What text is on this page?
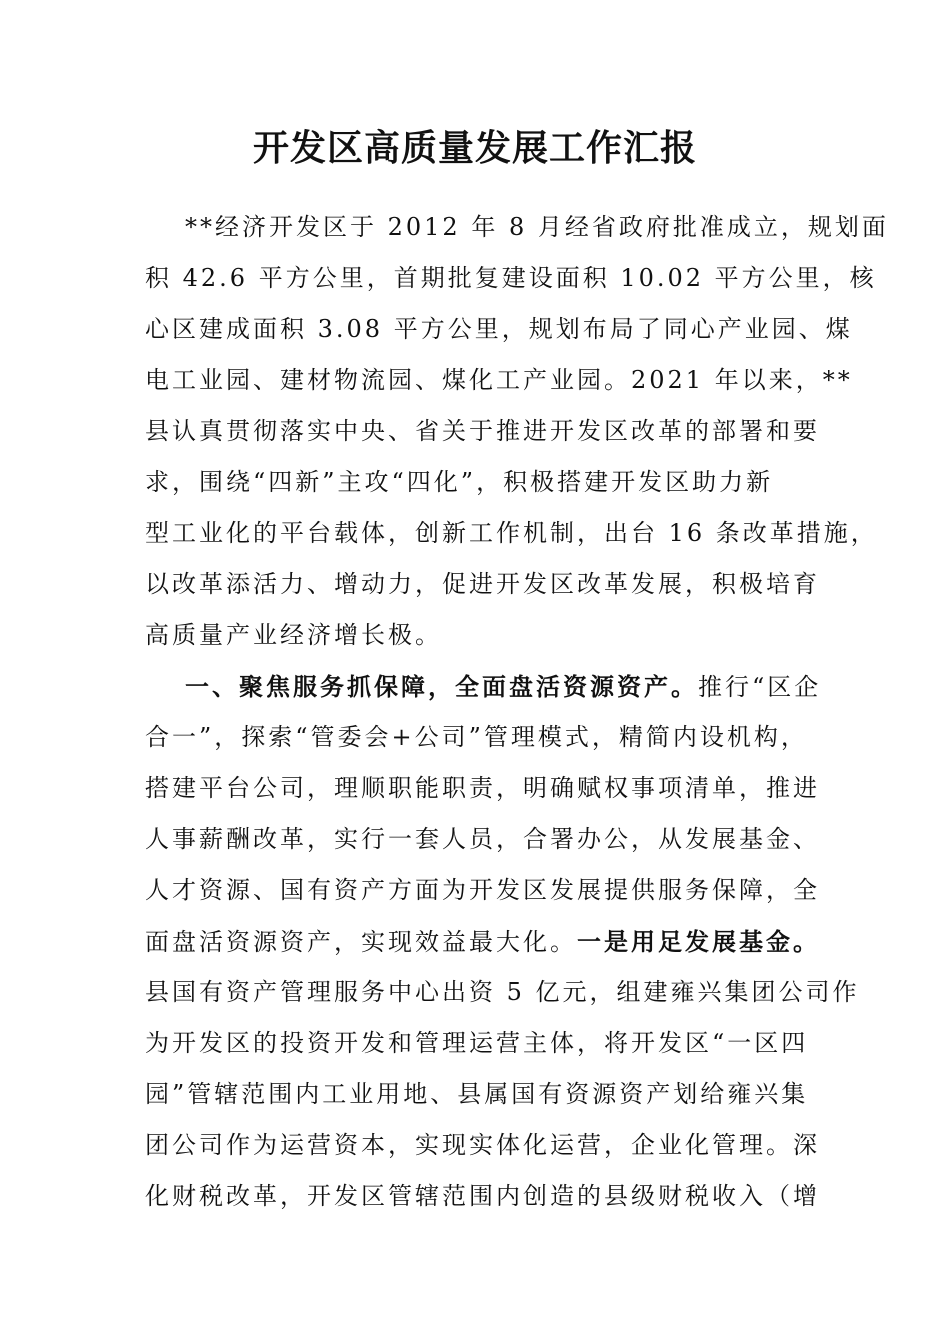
开发区高质量发展工作汇报
**经济开发区于 2012 年 8 月经省政府批准成立，规划面
积 42.6 平方公里，首期批复建设面积 10.02 平方公里，核
心区建成面积 3.08 平方公里，规划布局了同心产业园、煤
电工业园、建材物流园、煤化工产业园。2021 年以来，**
县认真贯彻落实中央、省关于推进开发区改革的部署和要
求，围绕“四新”主攻“四化”，积极搭建开发区助力新
型工业化的平台载体，创新工作机制，出台 16 条改革措施，
以改革添活力、增动力，促进开发区改革发展，积极培育
高质量产业经济增长极。
一、聚焦服务抓保障，全面盘活资源资产。推行“区企
合一”，探索“管委会+公司”管理模式，精简内设机构，
搭建平台公司，理顺职能职责，明确赋权事项清单，推进
人事薪酬改革，实行一套人员，合署办公，从发展基金、
人才资源、国有资产方面为开发区发展提供服务保障，全
面盘活资源资产，实现效益最大化。一是用足发展基金。
县国有资产管理服务中心出资 5 亿元，组建雍兴集团公司作
为开发区的投资开发和管理运营主体，将开发区“一区四
园”管辖范围内工业用地、县属国有资源资产划给雍兴集
团公司作为运营资本，实现实体化运营，企业化管理。深
化财税改革，开发区管辖范围内创造的县级财税收入（增
